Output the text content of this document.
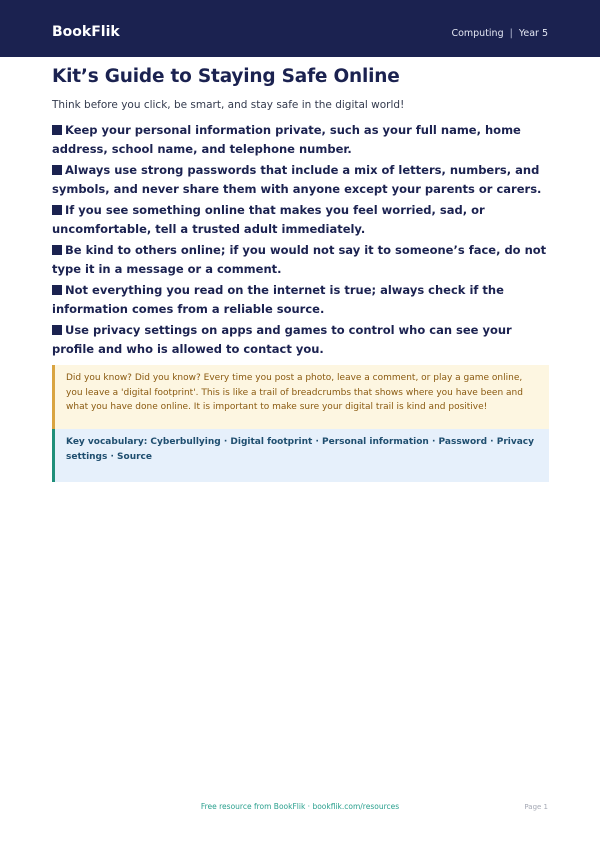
BookFlik	Computing | Year 5
Kit’s Guide to Staying Safe Online

Think before you click, be smart, and stay safe in the digital world!

Keep your personal information private, such as your full name, home address, school name, and telephone number.
Always use strong passwords that include a mix of letters, numbers, and symbols, and never share them with anyone except your parents or carers.
If you see something online that makes you feel worried, sad, or uncomfortable, tell a trusted adult immediately.
Be kind to others online; if you would not say it to someone’s face, do not type it in a message or a comment.
Not everything you read on the internet is true; always check if the information comes from a reliable source.
Use privacy settings on apps and games to control who can see your profile and who is allowed to contact you.
Did you know? Did you know? Every time you post a photo, leave a comment, or play a game online, you leave a 'digital footprint'. This is like a trail of breadcrumbs that shows where you have been and what you have done online. It is important to make sure your digital trail is kind and positive!
Key vocabulary: Cyberbullying · Digital footprint · Personal information · Password · Privacy settings · Source
Free resource from BookFlik · bookflik.com/resources	Page 1
